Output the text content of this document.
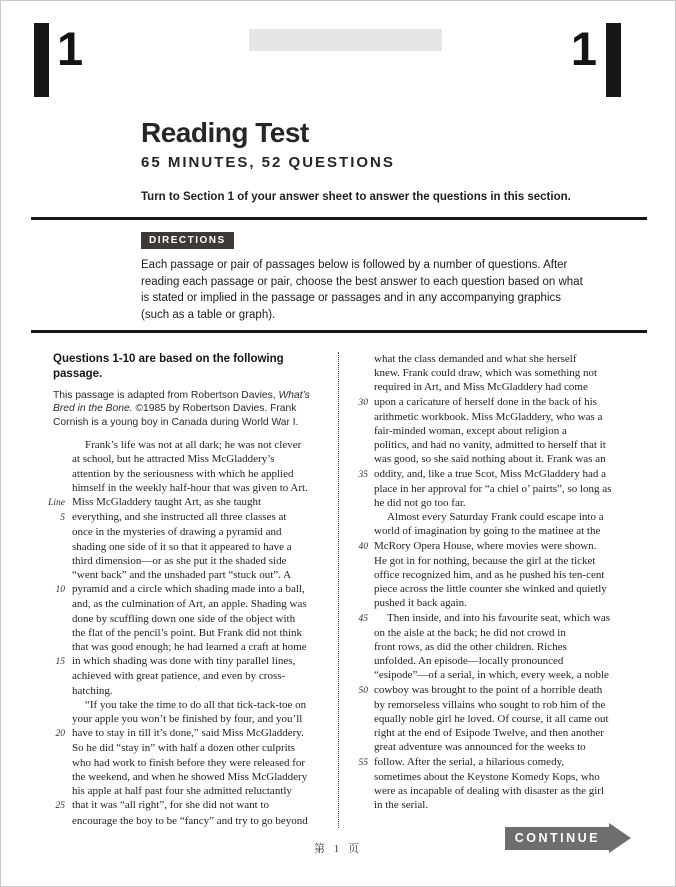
1	1
Reading Test
65 MINUTES, 52 QUESTIONS
Turn to Section 1 of your answer sheet to answer the questions in this section.
DIRECTIONS
Each passage or pair of passages below is followed by a number of questions. After reading each passage or pair, choose the best answer to each question based on what is stated or implied in the passage or passages and in any accompanying graphics (such as a table or graph).

Questions 1-10 are based on the following passage.

This passage is adapted from Robertson Davies, What’s Bred in the Bone. ©1985 by Robertson Davies. Frank Cornish is a young boy in Canada during World War I.

Frank’s life was not at all dark; he was not clever
at school, but he attracted Miss McGladdery’s
attention by the seriousness with which he applied
himself in the weekly half-hour that was given to Art.
Line Miss McGladdery taught Art, as she taught
5 everything, and she instructed all three classes at
once in the mysteries of drawing a pyramid and
shading one side of it so that it appeared to have a
third dimension—or as she put it the shaded side
“went back” and the unshaded part “stuck out”. A
10 pyramid and a circle which shading made into a ball,
and, as the culmination of Art, an apple. Shading was
done by scuffling down one side of the object with
the flat of the pencil’s point. But Frank did not think
that was good enough; he had learned a craft at home
15 in which shading was done with tiny parallel lines,
achieved with great patience, and even by cross-
hatching.
“If you take the time to do all that tick-tack-toe on
your apple you won’t be finished by four, and you’ll
20 have to stay in till it’s done,” said Miss McGladdery.
So he did “stay in” with half a dozen other culprits
who had work to finish before they were released for
the weekend, and when he showed Miss McGladdery
his apple at half past four she admitted reluctantly
25 that it was “all right”, for she did not want to
encourage the boy to be “fancy” and try to go beyond
what the class demanded and what she herself
knew. Frank could draw, which was something not
required in Art, and Miss McGladdery had come
30 upon a caricature of herself done in the back of his
arithmetic workbook. Miss McGladdery, who was a
fair-minded woman, except about religion a
politics, and had no vanity, admitted to herself that it
was good, so she said nothing about it. Frank was an
35 oddity, and, like a true Scot, Miss McGladdery had a
place in her approval for “a chiel o’ pairts”, so long as
he did not go too far.
Almost every Saturday Frank could escape into a
world of imagination by going to the matinee at the
40 McRory Opera House, where movies were shown.
He got in for nothing, because the girl at the ticket
office recognized him, and as he pushed his ten-cent
piece across the little counter she winked and quietly
pushed it back again.
45	Then inside, and into his favourite seat, which was
on the aisle at the back; he did not crowd in
front rows, as did the other children. Riches
unfolded. An episode—locally pronounced
“esipode”—of a serial, in which, every week, a noble
50 cowboy was brought to the point of a horrible death
by remorseless villains who sought to rob him of the
equally noble girl he loved. Of course, it all came out
right at the end of Esipode Twelve, and then another
great adventure was announced for the weeks to
55 follow. After the serial, a hilarious comedy,
sometimes about the Keystone Komedy Kops, who
were as incapable of dealing with disaster as the girl
in the serial.
第 1 页
CONTINUE
